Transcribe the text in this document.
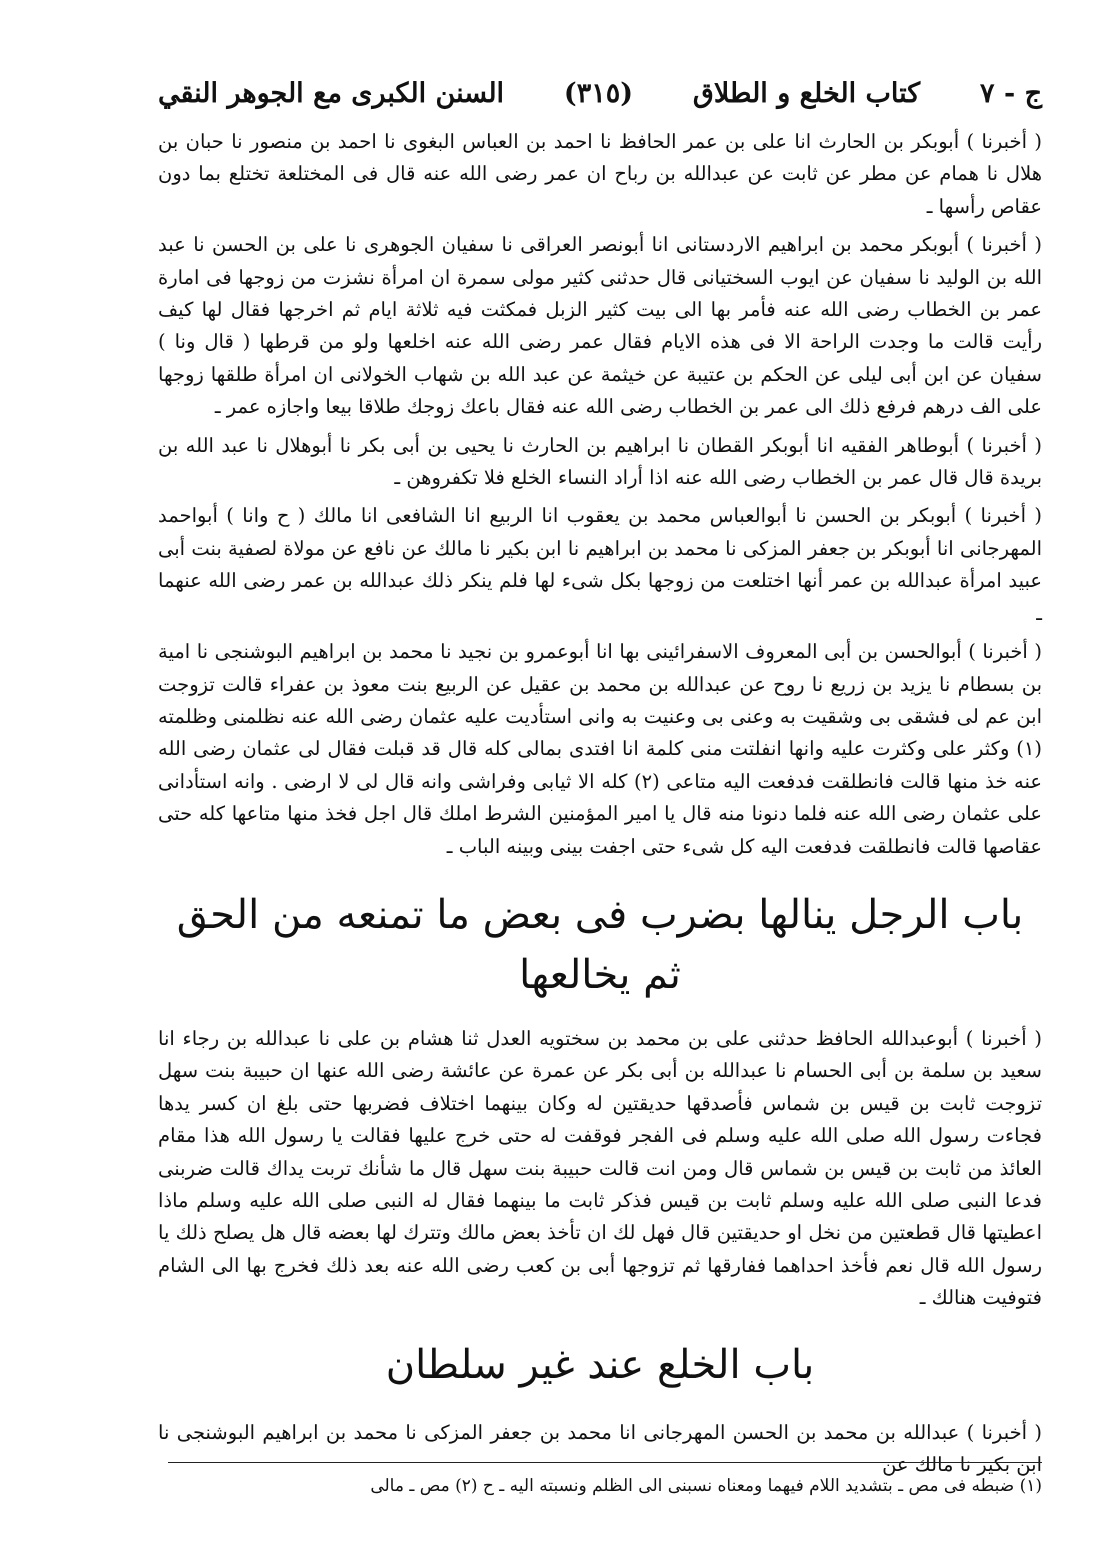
السنن الكبرى مع الجوهر النقي (٣١٥) كتاب الخلع و الطلاق ج - ٧

( أخبرنا ) أبوبكر بن الحارث انا على بن عمر الحافظ نا احمد بن العباس البغوى نا احمد بن منصور نا حبان بن هلال نا همام عن مطر عن ثابت عن عبدالله بن رباح ان عمر رضى الله عنه قال فى المختلعة تختلع بما دون عقاص رأسها ـ

( أخبرنا ) أبوبكر محمد بن ابراهيم الاردستانى انا أبونصر العراقى نا سفيان الجوهرى نا على بن الحسن نا عبد الله بن الوليد نا سفيان عن ايوب السختيانى قال حدثنى كثير مولى سمرة ان امرأة نشزت من زوجها فى امارة عمر بن الخطاب رضى الله عنه فأمر بها الى بيت كثير الزبل فمكثت فيه ثلاثة ايام ثم اخرجها فقال لها كيف رأيت قالت ما وجدت الراحة الا فى هذه الايام فقال عمر رضى الله عنه اخلعها ولو من قرطها ( قال ونا ) سفيان عن ابن أبى ليلى عن الحكم بن عتيبة عن خيثمة عن عبد الله بن شهاب الخولانى ان امرأة طلقها زوجها على الف درهم فرفع ذلك الى عمر بن الخطاب رضى الله عنه فقال باعك زوجك طلاقا بيعا واجازه عمر ـ

( أخبرنا ) أبوطاهر الفقيه انا أبوبكر القطان نا ابراهيم بن الحارث نا يحيى بن أبى بكر نا أبوهلال نا عبد الله بن بريدة قال قال عمر بن الخطاب رضى الله عنه اذا أراد النساء الخلع فلا تكفروهن ـ

( أخبرنا ) أبوبكر بن الحسن نا أبوالعباس محمد بن يعقوب انا الربيع انا الشافعى انا مالك ( ح وانا ) أبواحمد المهرجانى انا أبوبكر بن جعفر المزكى نا محمد بن ابراهيم نا ابن بكير نا مالك عن نافع عن مولاة لصفية بنت أبى عبيد امرأة عبدالله بن عمر أنها اختلعت من زوجها بكل شىء لها فلم ينكر ذلك عبدالله بن عمر رضى الله عنهما ـ

( أخبرنا ) أبوالحسن بن أبى المعروف الاسفرائينى بها انا أبوعمرو بن نجيد نا محمد بن ابراهيم البوشنجى نا امية بن بسطام نا يزيد بن زريع نا روح عن عبدالله بن محمد بن عقيل عن الربيع بنت معوذ بن عفراء قالت تزوجت ابن عم لى فشقى بى وشقيت به وعنى بى وعنيت به وانى استأديت عليه عثمان رضى الله عنه نظلمنى وظلمته (١) وكثر على وكثرت عليه وانها انفلتت منى كلمة انا افتدى بمالى كله قال قد قبلت فقال لى عثمان رضى الله عنه خذ منها قالت فانطلقت فدفعت اليه متاعى (٢) كله الا ثيابى وفراشى وانه قال لى لا ارضى . وانه استأدانى على عثمان رضى الله عنه فلما دنونا منه قال يا امير المؤمنين الشرط املك قال اجل فخذ منها متاعها كله حتى عقاصها قالت فانطلقت فدفعت اليه كل شىء حتى اجفت بينى وبينه الباب ـ

باب الرجل ينالها بضرب فى بعض ما تمنعه من الحق ثم يخالعها

( أخبرنا ) أبوعبدالله الحافظ حدثنى على بن محمد بن سختويه العدل ثنا هشام بن على نا عبدالله بن رجاء انا سعيد بن سلمة بن أبى الحسام نا عبدالله بن أبى بكر عن عمرة عن عائشة رضى الله عنها ان حبيبة بنت سهل تزوجت ثابت بن قيس بن شماس فأصدقها حديقتين له وكان بينهما اختلاف فضربها حتى بلغ ان كسر يدها فجاءت رسول الله صلى الله عليه وسلم فى الفجر فوقفت له حتى خرج عليها فقالت يا رسول الله هذا مقام العائذ من ثابت بن قيس بن شماس قال ومن انت قالت حبيبة بنت سهل قال ما شأنك تربت يداك قالت ضربنى فدعا النبى صلى الله عليه وسلم ثابت بن قيس فذكر ثابت ما بينهما فقال له النبى صلى الله عليه وسلم ماذا اعطيتها قال قطعتين من نخل او حديقتين قال فهل لك ان تأخذ بعض مالك وتترك لها بعضه قال هل يصلح ذلك يا رسول الله قال نعم فأخذ احداهما ففارقها ثم تزوجها أبى بن كعب رضى الله عنه بعد ذلك فخرج بها الى الشام فتوفيت هنالك ـ

باب الخلع عند غير سلطان

( أخبرنا ) عبدالله بن محمد بن الحسن المهرجانى انا محمد بن جعفر المزكى نا محمد بن ابراهيم البوشنجى نا ابن بكير نا مالك عن

(١) ضبطه فى مص ـ بتشديد اللام فيهما ومعناه نسبنى الى الظلم ونسبته اليه ـ ح (٢) مص ـ مالى
